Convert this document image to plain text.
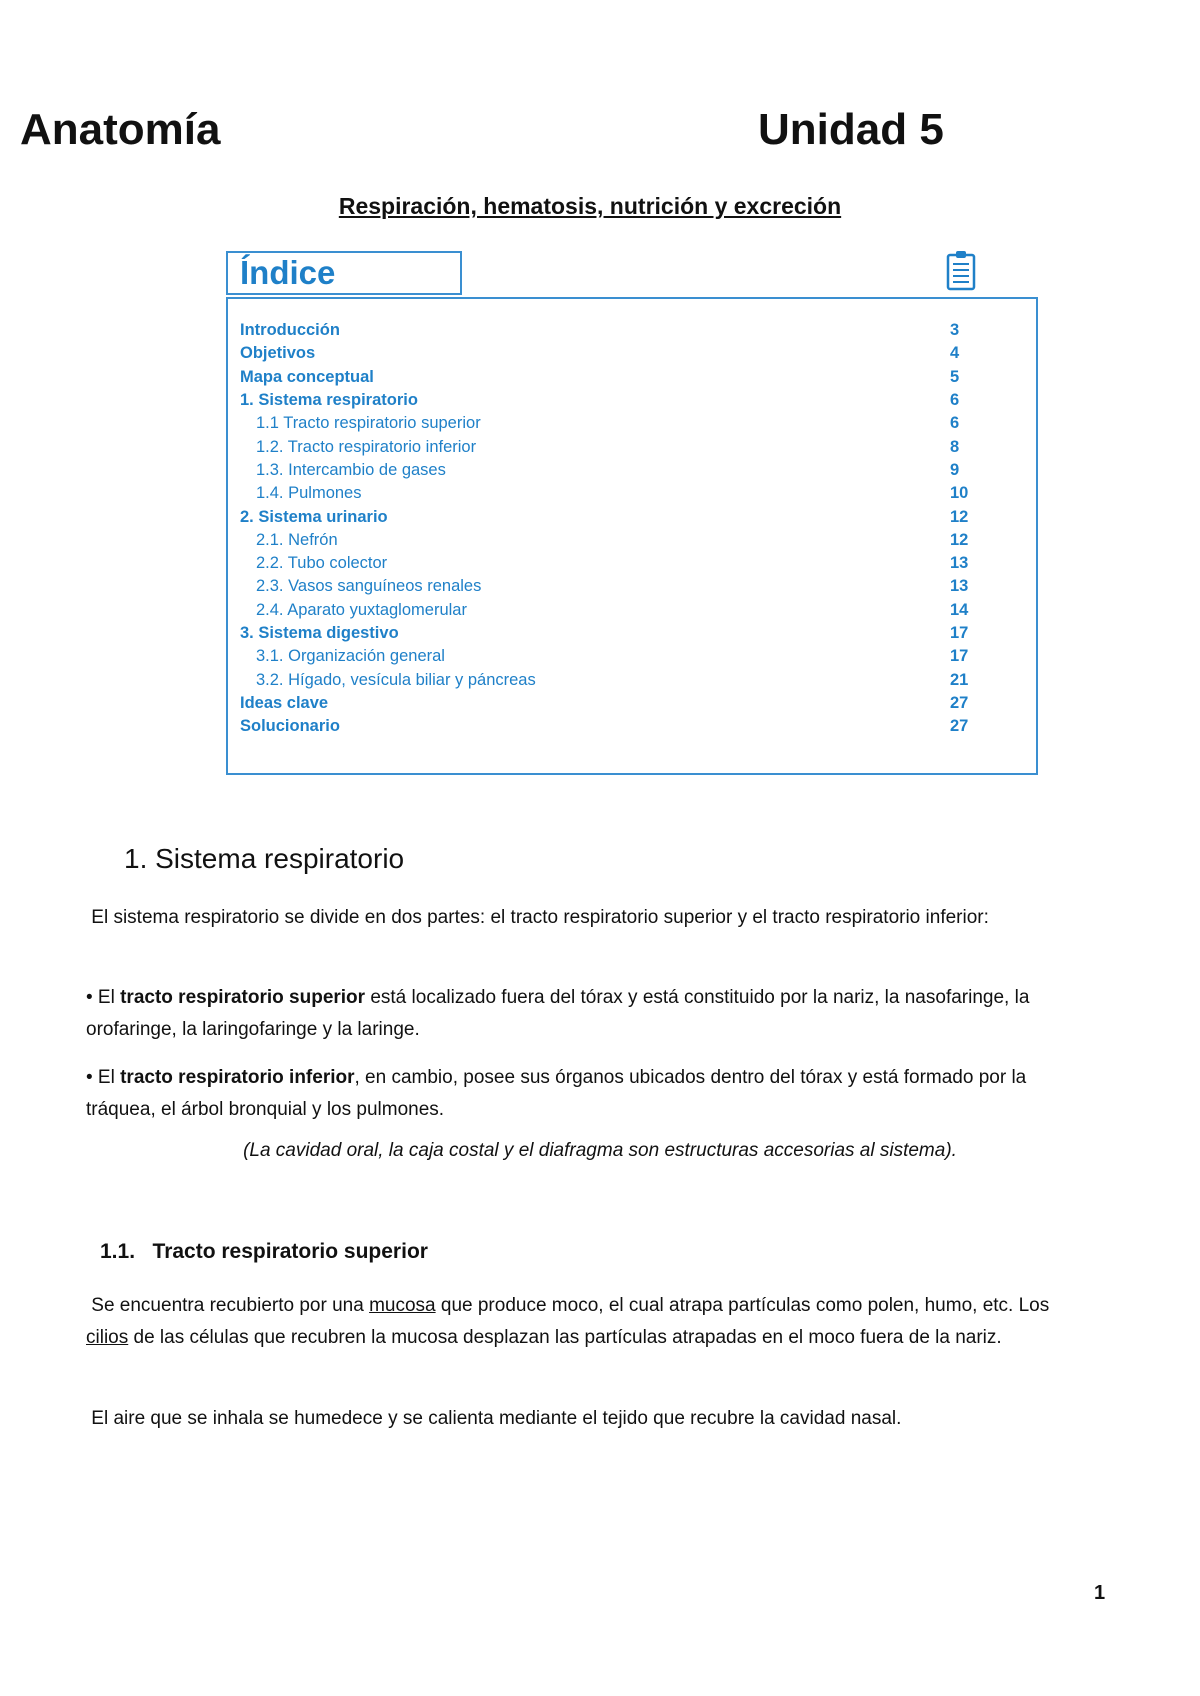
Anatomía	Unidad 5
Respiración, hematosis, nutrición y excreción
Índice
Introducción	3
Objetivos	4
Mapa conceptual	5
1. Sistema respiratorio	6
1.1 Tracto respiratorio superior	6
1.2. Tracto respiratorio inferior	8
1.3. Intercambio de gases	9
1.4. Pulmones	10
2. Sistema urinario	12
2.1. Nefrón	12
2.2. Tubo colector	13
2.3. Vasos sanguíneos renales	13
2.4. Aparato yuxtaglomerular	14
3. Sistema digestivo	17
3.1. Organización general	17
3.2. Hígado, vesícula biliar y páncreas	21
Ideas clave	27
Solucionario	27
1. Sistema respiratorio
El sistema respiratorio se divide en dos partes: el tracto respiratorio superior y el tracto respiratorio inferior:
• El tracto respiratorio superior está localizado fuera del tórax y está constituido por la nariz, la nasofaringe, la orofaringe, la laringofaringe y la laringe.
• El tracto respiratorio inferior, en cambio, posee sus órganos ubicados dentro del tórax y está formado por la tráquea, el árbol bronquial y los pulmones.
(La cavidad oral, la caja costal y el diafragma son estructuras accesorias al sistema).
1.1.   Tracto respiratorio superior
Se encuentra recubierto por una mucosa que produce moco, el cual atrapa partículas como polen, humo, etc. Los cilios de las células que recubren la mucosa desplazan las partículas atrapadas en el moco fuera de la nariz.
El aire que se inhala se humedece y se calienta mediante el tejido que recubre la cavidad nasal.
1
